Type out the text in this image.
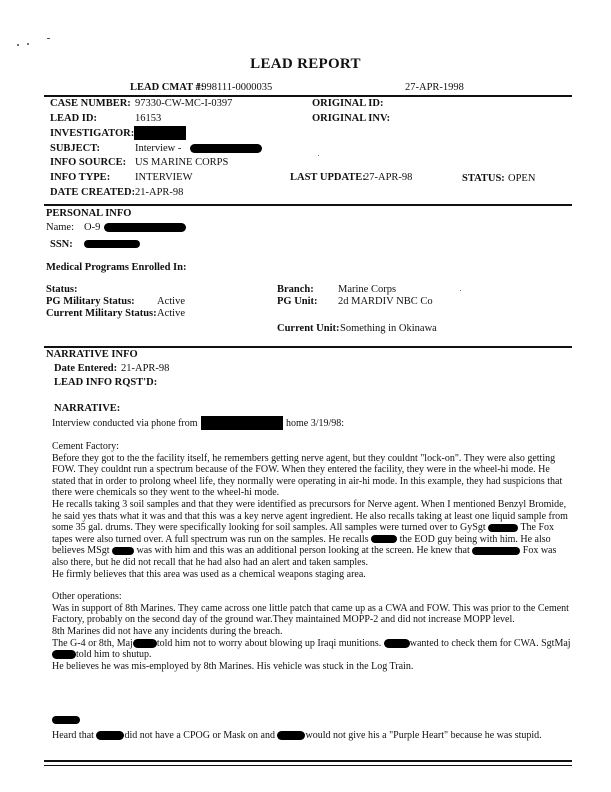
LEAD REPORT
LEAD CMAT #:
1998111-0000035	27-APR-1998
CASE NUMBER: 97330-CW-MC-I-0397	ORIGINAL ID:
LEAD ID:	16153	ORIGINAL INV:
INVESTIGATOR:
SUBJECT:	Interview -
INFO SOURCE: US MARINE CORPS
INFO TYPE: INTERVIEW	LAST UPDATE:
27-APR-98	STATUS: OPEN
DATE CREATED: 21-APR-98
PERSONAL INFO
Name: O-9
SSN:
Medical Programs Enrolled In:
Status:	Branch: Marine Corps
PG Military Status: Active	PG Unit: 2d MARDIV NBC Co
Current Military Status: Active
Current Unit: Something in Okinawa
NARRATIVE INFO
Date Entered: 21-APR-98
LEAD INFO RQST'D:
NARRATIVE:
Interview conducted via phone from	home 3/19/98:

Cement Factory:

Before they got to the the facility itself, he remembers getting nerve agent, but they couldnt "lock-on". They were also getting FOW. They couldnt run a spectrum because of the FOW. When they entered the facility, they were in the wheel-hi mode. He stated that in order to prolong wheel life, they normally were operating in air-hi mode. In this example, they had suspicions that there were chemicals so they went to the wheel-hi mode.

He recalls taking 3 soil samples and that they were identified as precursors for Nerve agent. When I mentioned Benzyl Bromide, he said yes thats what it was and that this was a key nerve agent ingredient. He also recalls taking at least one liquid sample from some 35 gal. drums. They were specifically looking for soil samples. All samples were turned over to GySgt	The Fox tapes were also turned over. A full spectrum was run on the samples. He recalls	the EOD guy being with him. He also believes MSgt	was with him and this was an additional person looking at the screen. He knew that	Fox was also there, but he did not recall that he had also had an alert and taken samples.

He firmly believes that this area was used as a chemical weapons staging area.

Other operations:

Was in support of 8th Marines. They came across one little patch that came up as a CWA and FOW. This was prior to the Cement Factory, probably on the second day of the ground war.They maintained MOPP-2 and did not increase MOPP level.

8th Marines did not have any incidents during the breach.

The G-4 or 8th, Maj told him not to worry about blowing up Iraqi munitions.	wanted to check them for CWA. SgtMajtold him to shutup.

He believes he was mis-employed by 8th Marines. His vehicle was stuck in the Log Train.

Heard that	did not have a CPOG or Mask on and	would not give his a "Purple Heart" because he was stupid.
